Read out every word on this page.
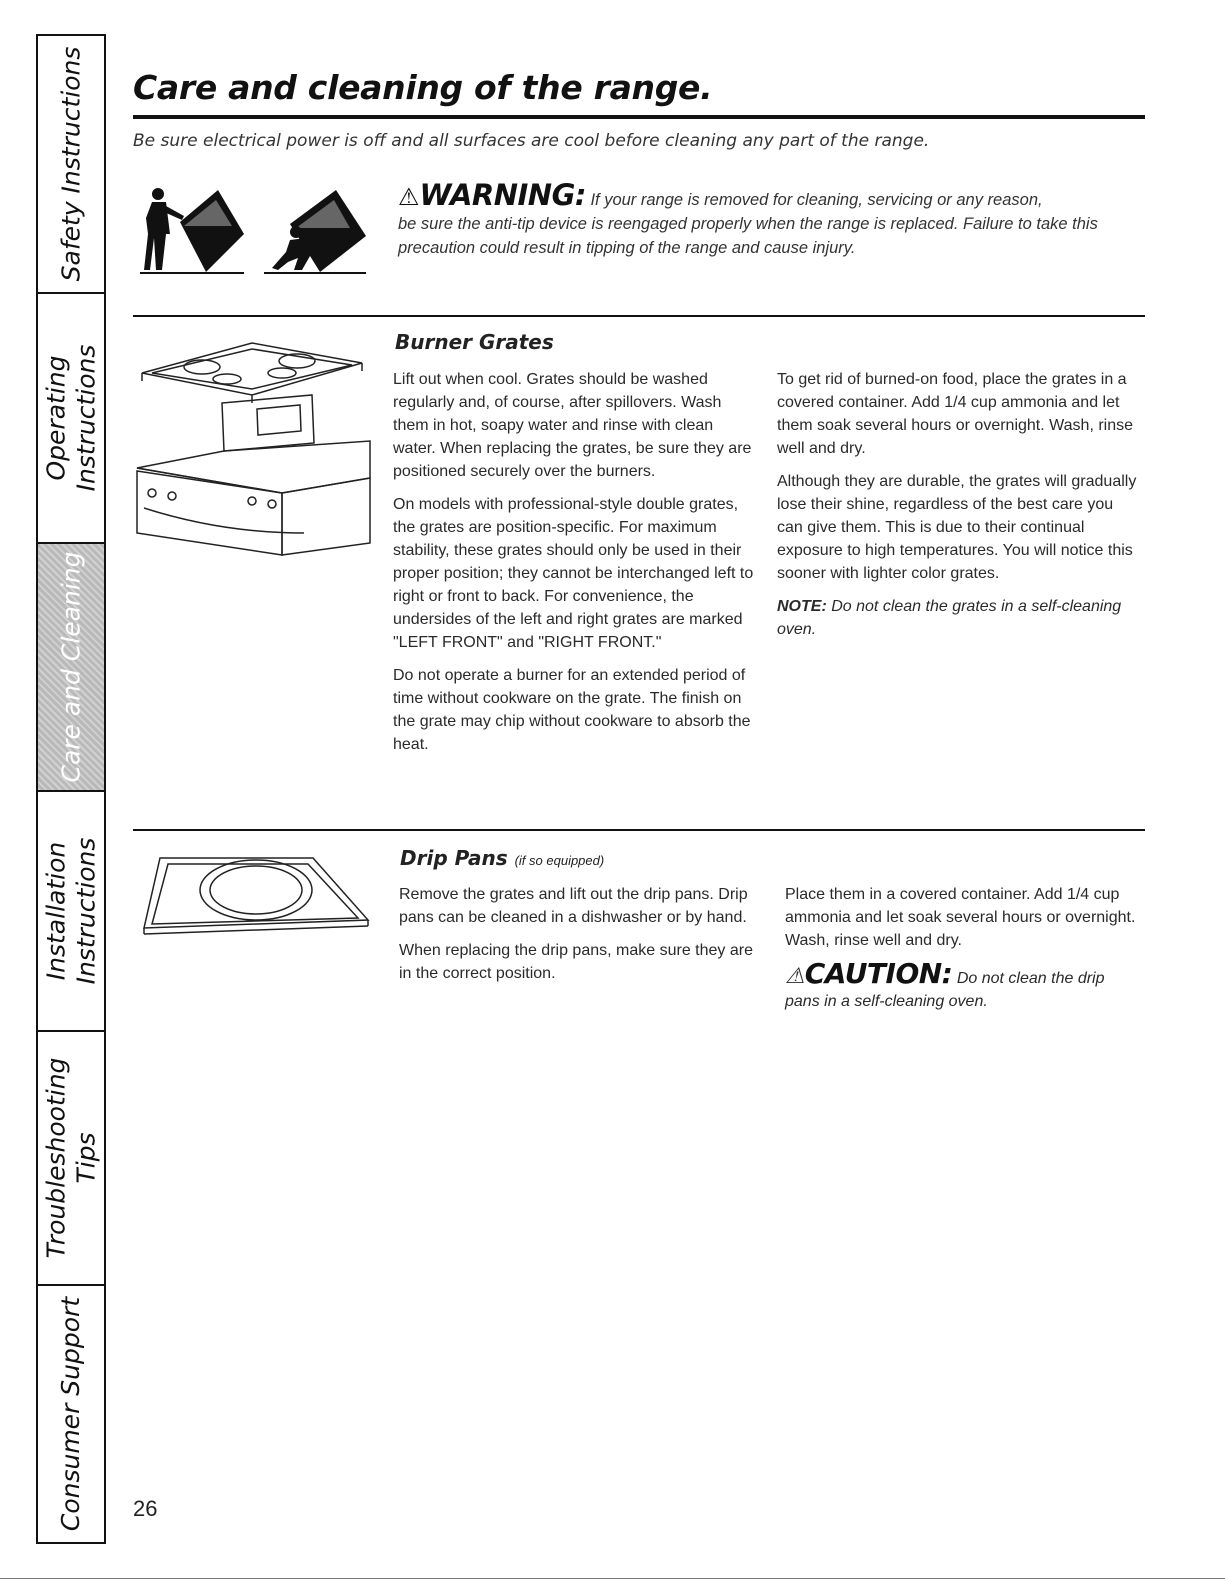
Safety Instructions
Operating Instructions
Care and Cleaning
Installation Instructions
Troubleshooting Tips
Consumer Support
Care and cleaning of the range.

Be sure electrical power is off and all surfaces are cool before cleaning any part of the range.

⚠WARNING: If your range is removed for cleaning, servicing or any reason,
be sure the anti-tip device is reengaged properly when the range is replaced. Failure to take this precaution could result in tipping of the range and cause injury.
Burner Grates

Lift out when cool. Grates should be washed regularly and, of course, after spillovers. Wash them in hot, soapy water and rinse with clean water. When replacing the grates, be sure they are positioned securely over the burners.

On models with professional-style double grates, the grates are position-specific. For maximum stability, these grates should only be used in their proper position; they cannot be interchanged left to right or front to back. For convenience, the undersides of the left and right grates are marked "LEFT FRONT" and "RIGHT FRONT."

Do not operate a burner for an extended period of time without cookware on the grate. The finish on the grate may chip without cookware to absorb the heat.

To get rid of burned-on food, place the grates in a covered container. Add 1/4 cup ammonia and let them soak several hours or overnight. Wash, rinse well and dry.

Although they are durable, the grates will gradually lose their shine, regardless of the best care you can give them. This is due to their continual exposure to high temperatures. You will notice this sooner with lighter color grates.

NOTE: Do not clean the grates in a self-cleaning oven.

Drip Pans (if so equipped)

Remove the grates and lift out the drip pans. Drip pans can be cleaned in a dishwasher or by hand.

When replacing the drip pans, make sure they are in the correct position.

Place them in a covered container. Add 1/4 cup ammonia and let soak several hours or overnight. Wash, rinse well and dry.

⚠CAUTION: Do not clean the drip pans in a self-cleaning oven.

26
